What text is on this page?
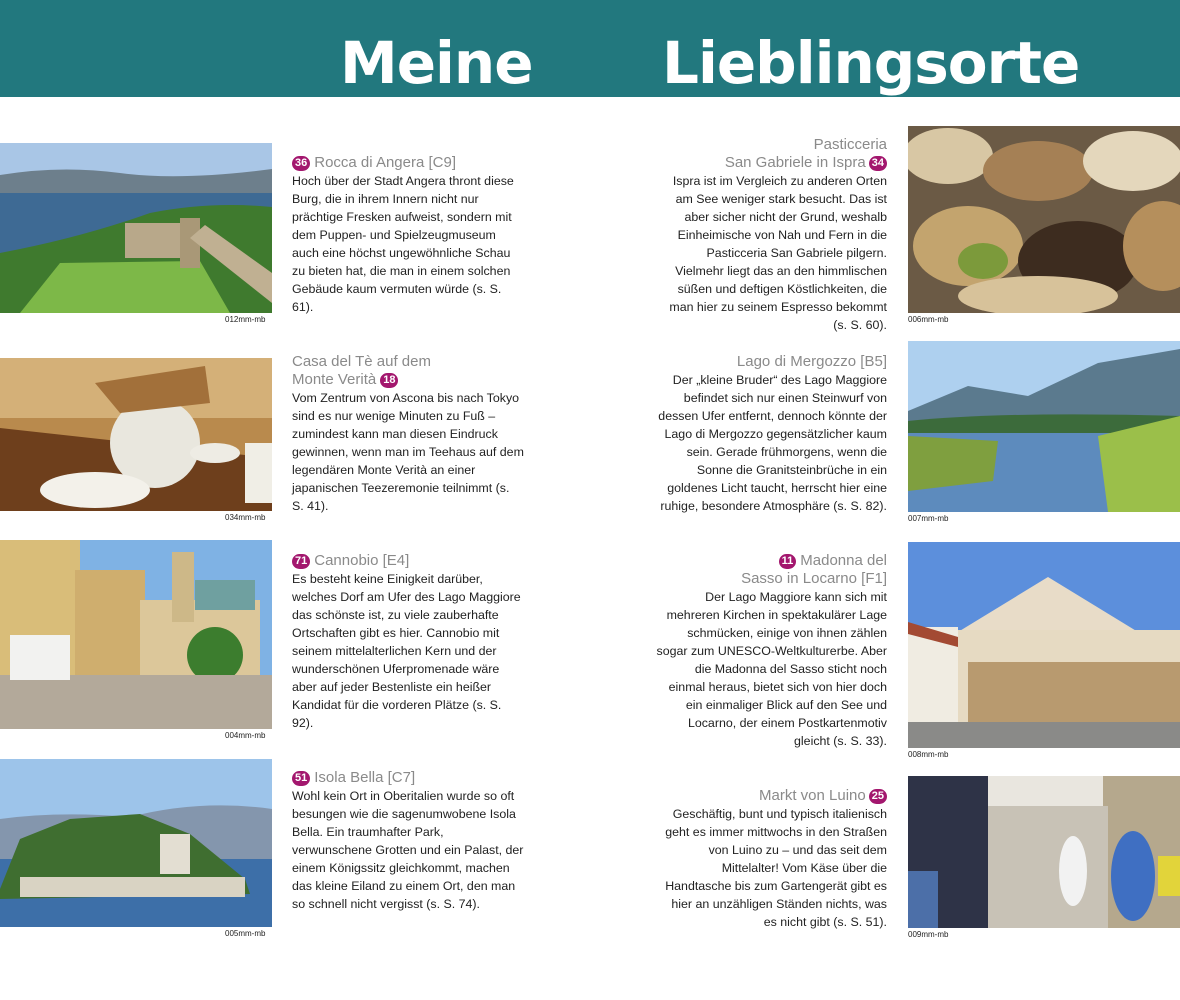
Meine Lieblingsorte
012mm-mb
36 Rocca di Angera [C9]

Hoch über der Stadt Angera thront diese Burg, die in ihrem Innern nicht nur prächtige Fresken aufweist, sondern mit dem Puppen- und Spielzeugmuseum auch eine höchst ungewöhnliche Schau zu bieten hat, die man in einem solchen Gebäude kaum vermuten würde (s. S. 61).

034mm-mb
Casa del Tè auf dem
Monte Verità 18

Vom Zentrum von Ascona bis nach Tokyo sind es nur wenige Minuten zu Fuß – zumindest kann man diesen Eindruck gewinnen, wenn man im Teehaus auf dem legendären Monte Verità an einer japanischen Teezeremonie teilnimmt (s. S. 41).

004mm-mb
71 Cannobio [E4]

Es besteht keine Einigkeit darüber, welches Dorf am Ufer des Lago Maggiore das schönste ist, zu viele zauberhafte Ortschaften gibt es hier. Cannobio mit seinem mittelalterlichen Kern und der wunderschönen Uferpromenade wäre aber auf jeder Bestenliste ein heißer Kandidat für die vorderen Plätze (s. S. 92).

005mm-mb
51 Isola Bella [C7]

Wohl kein Ort in Oberitalien wurde so oft besungen wie die sagenumwobene Isola Bella. Ein traumhafter Park, verwunschene Grotten und ein Palast, der einem Königssitz gleichkommt, machen das kleine Eiland zu einem Ort, den man so schnell nicht vergisst (s. S. 74).

006mm-mb
Pasticceria
San Gabriele in Ispra 34

Ispra ist im Vergleich zu anderen Orten am See weniger stark besucht. Das ist aber sicher nicht der Grund, weshalb Einheimische von Nah und Fern in die Pasticceria San Gabriele pilgern. Vielmehr liegt das an den himmlischen süßen und deftigen Köstlichkeiten, die man hier zu seinem Espresso bekommt (s. S. 60).

007mm-mb
Lago di Mergozzo [B5]

Der „kleine Bruder“ des Lago Maggiore befindet sich nur einen Steinwurf von dessen Ufer entfernt, dennoch könnte der Lago di Mergozzo gegensätzlicher kaum sein. Gerade frühmorgens, wenn die Sonne die Granitsteinbrüche in ein goldenes Licht taucht, herrscht hier eine ruhige, besondere Atmosphäre (s. S. 82).

008mm-mb
11 Madonna del
Sasso in Locarno [F1]

Der Lago Maggiore kann sich mit mehreren Kirchen in spektakulärer Lage schmücken, einige von ihnen zählen sogar zum UNESCO-Weltkulturerbe. Aber die Madonna del Sasso sticht noch einmal heraus, bietet sich von hier doch ein einmaliger Blick auf den See und Locarno, der einem Postkartenmotiv gleicht (s. S. 33).

009mm-mb
Markt von Luino 25

Geschäftig, bunt und typisch italienisch geht es immer mittwochs in den Straßen von Luino zu – und das seit dem Mittelalter! Vom Käse über die Handtasche bis zum Gartengerät gibt es hier an unzähligen Ständen nichts, was es nicht gibt (s. S. 51).
